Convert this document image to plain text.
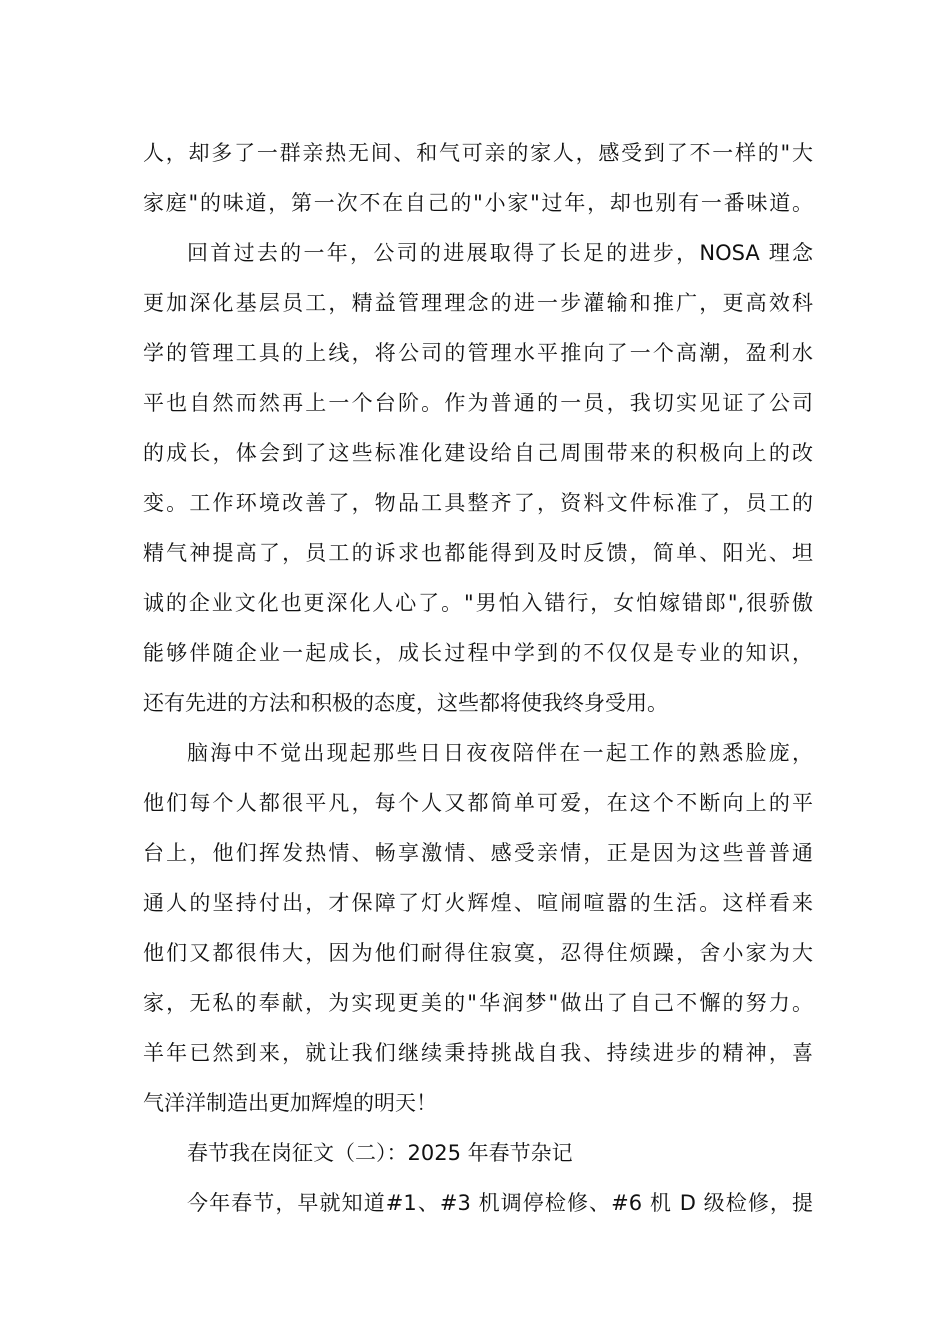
人，却多了一群亲热无间、和气可亲的家人，感受到了不一样的"大
家庭"的味道，第一次不在自己的"小家"过年，却也别有一番味道。
回首过去的一年，公司的进展取得了长足的进步，NOSA 理念
更加深化基层员工，精益管理理念的进一步灌输和推广，更高效科
学的管理工具的上线，将公司的管理水平推向了一个高潮，盈利水
平也自然而然再上一个台阶。作为普通的一员，我切实见证了公司
的成长，体会到了这些标准化建设给自己周围带来的积极向上的改
变。工作环境改善了，物品工具整齐了，资料文件标准了，员工的
精气神提高了，员工的诉求也都能得到及时反馈，简单、阳光、坦
诚的企业文化也更深化人心了。"男怕入错行，女怕嫁错郎",很骄傲
能够伴随企业一起成长，成长过程中学到的不仅仅是专业的知识，
还有先进的方法和积极的态度，这些都将使我终身受用。
脑海中不觉出现起那些日日夜夜陪伴在一起工作的熟悉脸庞，
他们每个人都很平凡，每个人又都简单可爱，在这个不断向上的平
台上，他们挥发热情、畅享激情、感受亲情，正是因为这些普普通
通人的坚持付出，才保障了灯火辉煌、喧闹喧嚣的生活。这样看来
他们又都很伟大，因为他们耐得住寂寞，忍得住烦躁，舍小家为大
家，无私的奉献，为实现更美的"华润梦"做出了自己不懈的努力。
羊年已然到来，就让我们继续秉持挑战自我、持续进步的精神，喜
气洋洋制造出更加辉煌的明天！
春节我在岗征文（二）：2025 年春节杂记
今年春节，早就知道#1、#3 机调停检修、#6 机 D 级检修，提
